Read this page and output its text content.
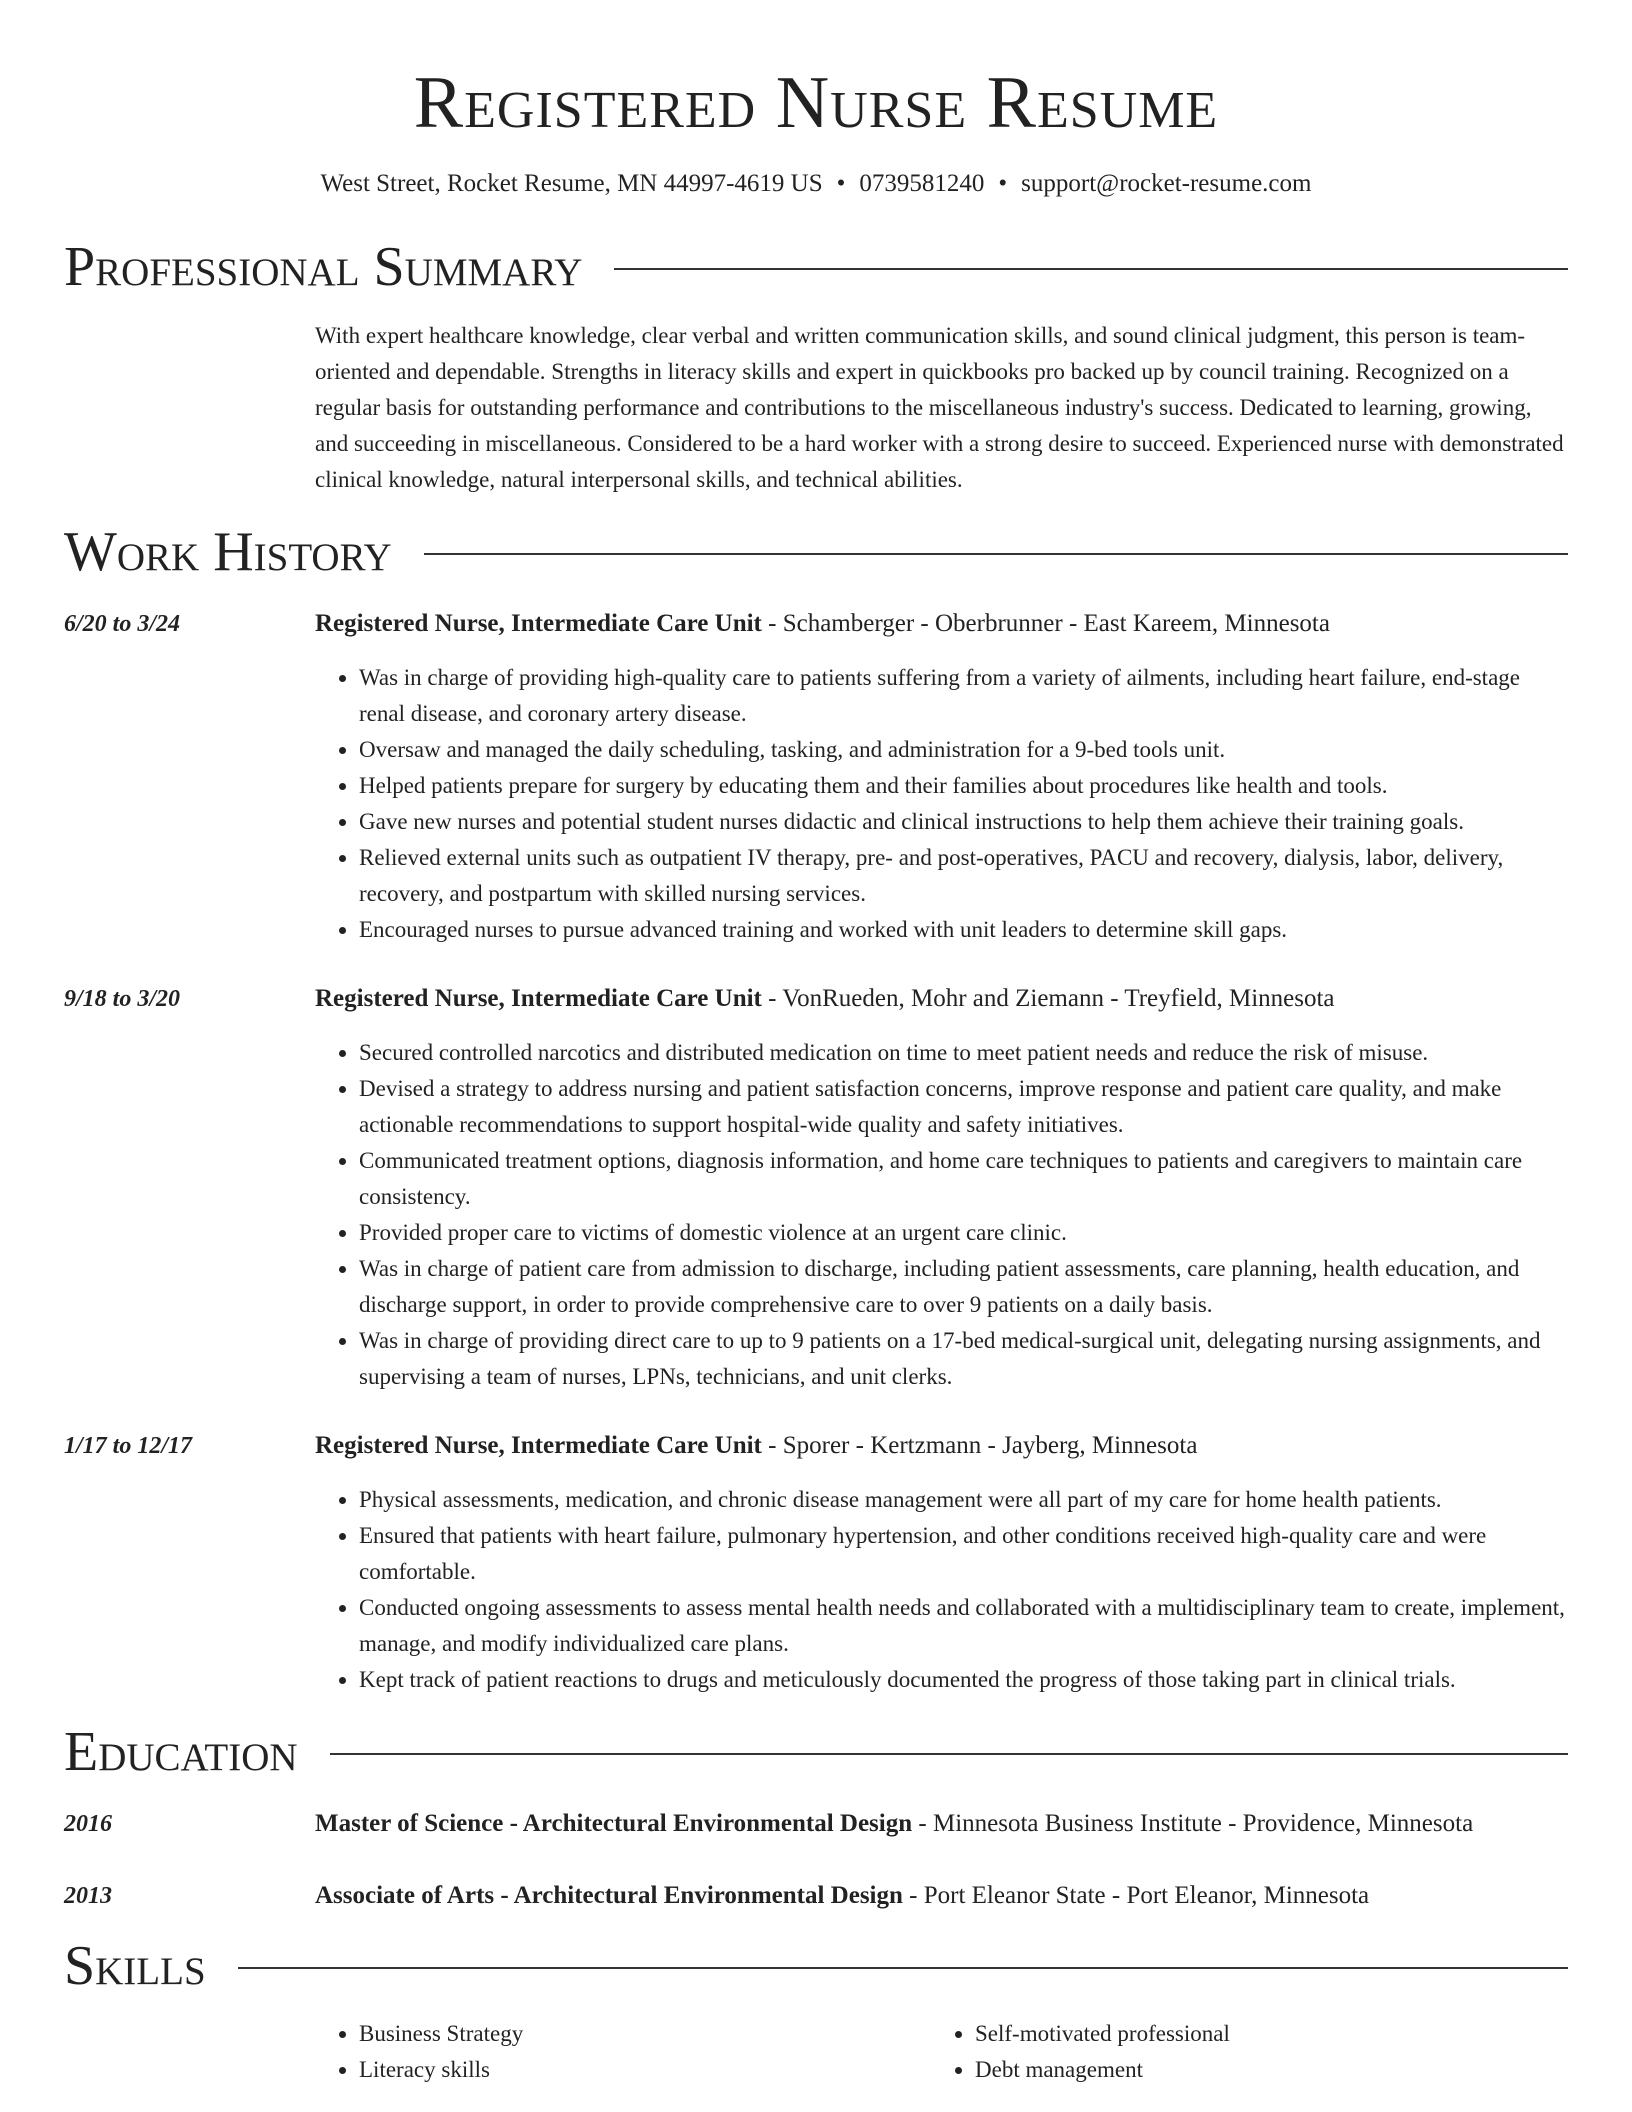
Registered Nurse Resume
West Street, Rocket Resume, MN 44997-4619 US • 0739581240 • support@rocket-resume.com
Professional Summary
With expert healthcare knowledge, clear verbal and written communication skills, and sound clinical judgment, this person is team-oriented and dependable. Strengths in literacy skills and expert in quickbooks pro backed up by council training. Recognized on a regular basis for outstanding performance and contributions to the miscellaneous industry's success. Dedicated to learning, growing, and succeeding in miscellaneous. Considered to be a hard worker with a strong desire to succeed. Experienced nurse with demonstrated clinical knowledge, natural interpersonal skills, and technical abilities.
Work History
6/20 to 3/24	Registered Nurse, Intermediate Care Unit - Schamberger - Oberbrunner - East Kareem, Minnesota
• Was in charge of providing high-quality care to patients suffering from a variety of ailments, including heart failure, end-stage renal disease, and coronary artery disease.
• Oversaw and managed the daily scheduling, tasking, and administration for a 9-bed tools unit.
• Helped patients prepare for surgery by educating them and their families about procedures like health and tools.
• Gave new nurses and potential student nurses didactic and clinical instructions to help them achieve their training goals.
• Relieved external units such as outpatient IV therapy, pre- and post-operatives, PACU and recovery, dialysis, labor, delivery, recovery, and postpartum with skilled nursing services.
• Encouraged nurses to pursue advanced training and worked with unit leaders to determine skill gaps.
9/18 to 3/20	Registered Nurse, Intermediate Care Unit - VonRueden, Mohr and Ziemann - Treyfield, Minnesota
• Secured controlled narcotics and distributed medication on time to meet patient needs and reduce the risk of misuse.
• Devised a strategy to address nursing and patient satisfaction concerns, improve response and patient care quality, and make actionable recommendations to support hospital-wide quality and safety initiatives.
• Communicated treatment options, diagnosis information, and home care techniques to patients and caregivers to maintain care consistency.
• Provided proper care to victims of domestic violence at an urgent care clinic.
• Was in charge of patient care from admission to discharge, including patient assessments, care planning, health education, and discharge support, in order to provide comprehensive care to over 9 patients on a daily basis.
• Was in charge of providing direct care to up to 9 patients on a 17-bed medical-surgical unit, delegating nursing assignments, and supervising a team of nurses, LPNs, technicians, and unit clerks.
1/17 to 12/17	Registered Nurse, Intermediate Care Unit - Sporer - Kertzmann - Jayberg, Minnesota
• Physical assessments, medication, and chronic disease management were all part of my care for home health patients.
• Ensured that patients with heart failure, pulmonary hypertension, and other conditions received high-quality care and were comfortable.
• Conducted ongoing assessments to assess mental health needs and collaborated with a multidisciplinary team to create, implement, manage, and modify individualized care plans.
• Kept track of patient reactions to drugs and meticulously documented the progress of those taking part in clinical trials.
Education
2016	Master of Science - Architectural Environmental Design - Minnesota Business Institute - Providence, Minnesota
2013	Associate of Arts - Architectural Environmental Design - Port Eleanor State - Port Eleanor, Minnesota
Skills
• Business Strategy
• Literacy skills
• Self-motivated professional
• Debt management
